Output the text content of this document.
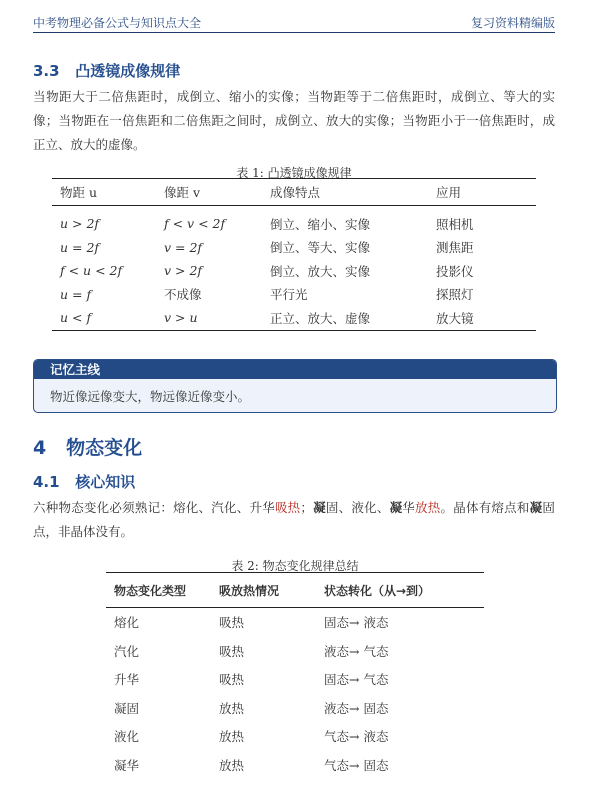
中考物理必备公式与知识点大全	复习资料精编版
3.3 凸透镜成像规律
当物距大于二倍焦距时，成倒立、缩小的实像；当物距等于二倍焦距时，成倒立、等大的实像；当物距在一倍焦距和二倍焦距之间时，成倒立、放大的实像；当物距小于一倍焦距时，成正立、放大的虚像。
表 1: 凸透镜成像规律
物距 u	像距 v	成像特点	应用
u > 2f	f < v < 2f	倒立、缩小、实像	照相机
u = 2f	v = 2f	倒立、等大、实像	测焦距
f < u < 2f	v > 2f	倒立、放大、实像	投影仪
u = f	不成像	平行光	探照灯
u < f	v > u	正立、放大、虚像	放大镜
记忆主线
物近像远像变大，物远像近像变小。
4 物态变化
4.1 核心知识
六种物态变化必须熟记：熔化、汽化、升华吸热；凝固、液化、凝华放热。晶体有熔点和凝固点，非晶体没有。
表 2: 物态变化规律总结
物态变化类型	吸放热情况	状态转化（从→到）
熔化	吸热	固态→ 液态
汽化	吸热	液态→ 气态
升华	吸热	固态→ 气态
凝固	放热	液态→ 固态
液化	放热	气态→ 液态
凝华	放热	气态→ 固态
